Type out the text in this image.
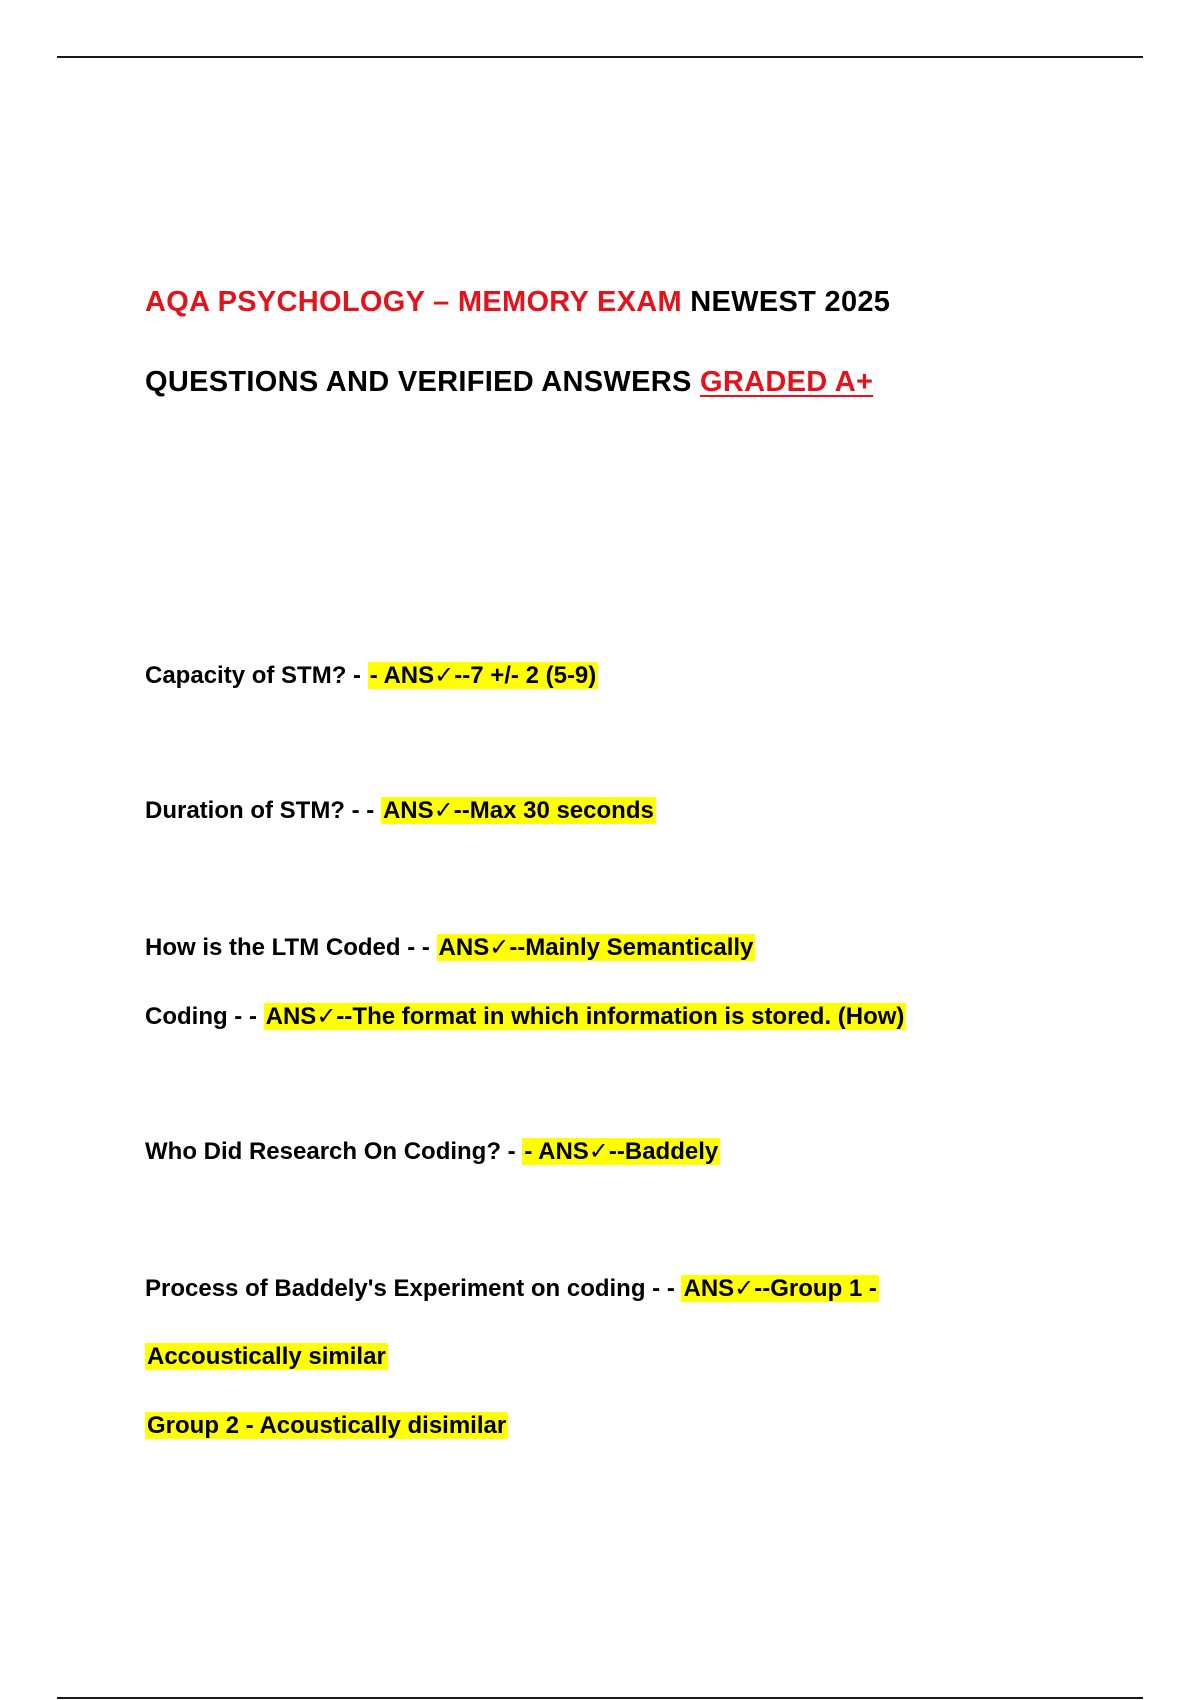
AQA PSYCHOLOGY – MEMORY EXAM NEWEST 2025
QUESTIONS AND VERIFIED ANSWERS GRADED A+
Capacity of STM? - - ANS✓--7 +/- 2 (5-9)
Duration of STM? - - ANS✓--Max 30 seconds
How is the LTM Coded - - ANS✓--Mainly Semantically
Coding - - ANS✓--The format in which information is stored. (How)
Who Did Research On Coding? - - ANS✓--Baddely
Process of Baddely's Experiment on coding - - ANS✓--Group 1 -
Accoustically similar
Group 2 - Acoustically disimilar
